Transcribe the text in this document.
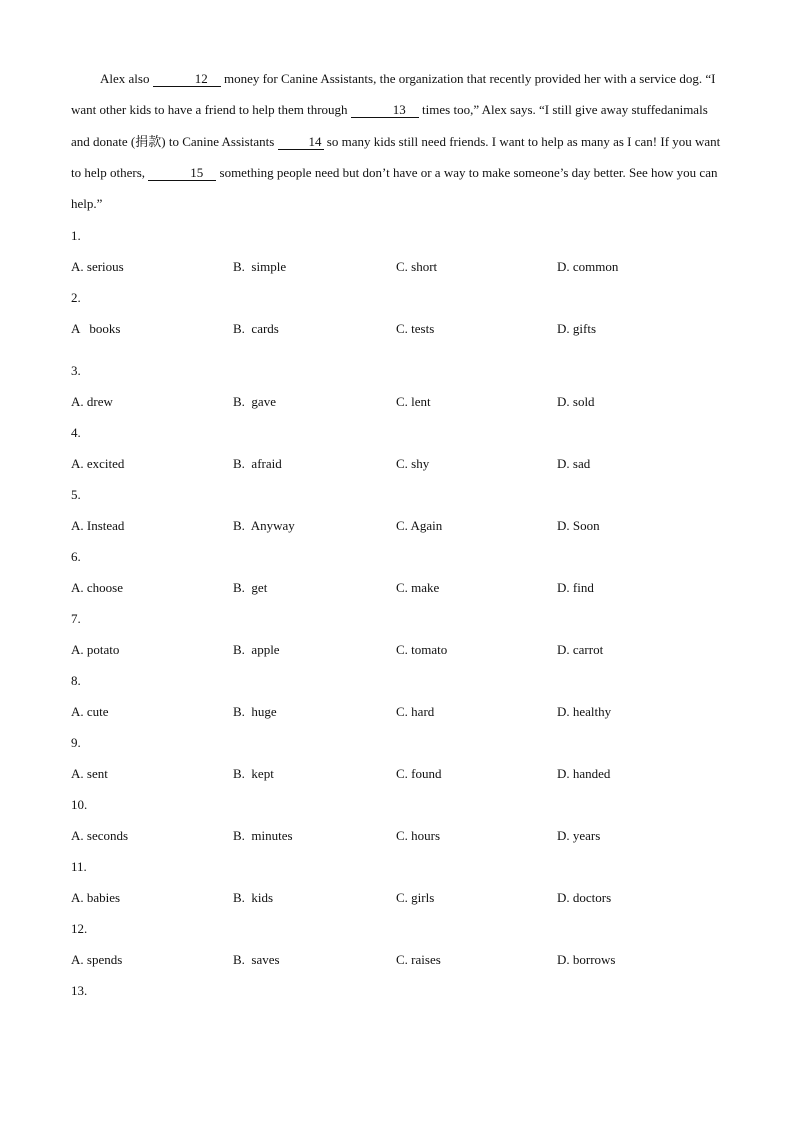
Alex also	12 money for Canine Assistants, the organization that recently provided her with a service dog. “I want other kids to have a friend to help them through	13 times too,” Alex says. “I still give away stuffedanimals and donate (捐款) to Canine Assistants 14 so many kids still need friends. I want to help as many as I can! If you want to help others,	15 something people need but don’t have or a way to make someone’s day better. See how you can help.”

1.
A. serious	B.  simple	C. short	D. common
2.
A   books	B.  cards	C. tests	D. gifts
3.
A. drew	B.  gave	C. lent	D. sold
4.
A. excited	B.  afraid	C. shy	D. sad
5.
A. Instead	B.  Anyway	C. Again	D. Soon
6.
A. choose	B.  get	C. make	D. find
7.
A. potato	B.  apple	C. tomato	D. carrot
8.
A. cute	B.  huge	C. hard	D. healthy
9.
A. sent	B.  kept	C. found	D. handed
10.
A. seconds	B.  minutes	C. hours	D. years
11.
A. babies	B.  kids	C. girls	D. doctors
12.
A. spends	B.  saves	C. raises	D. borrows
13.
